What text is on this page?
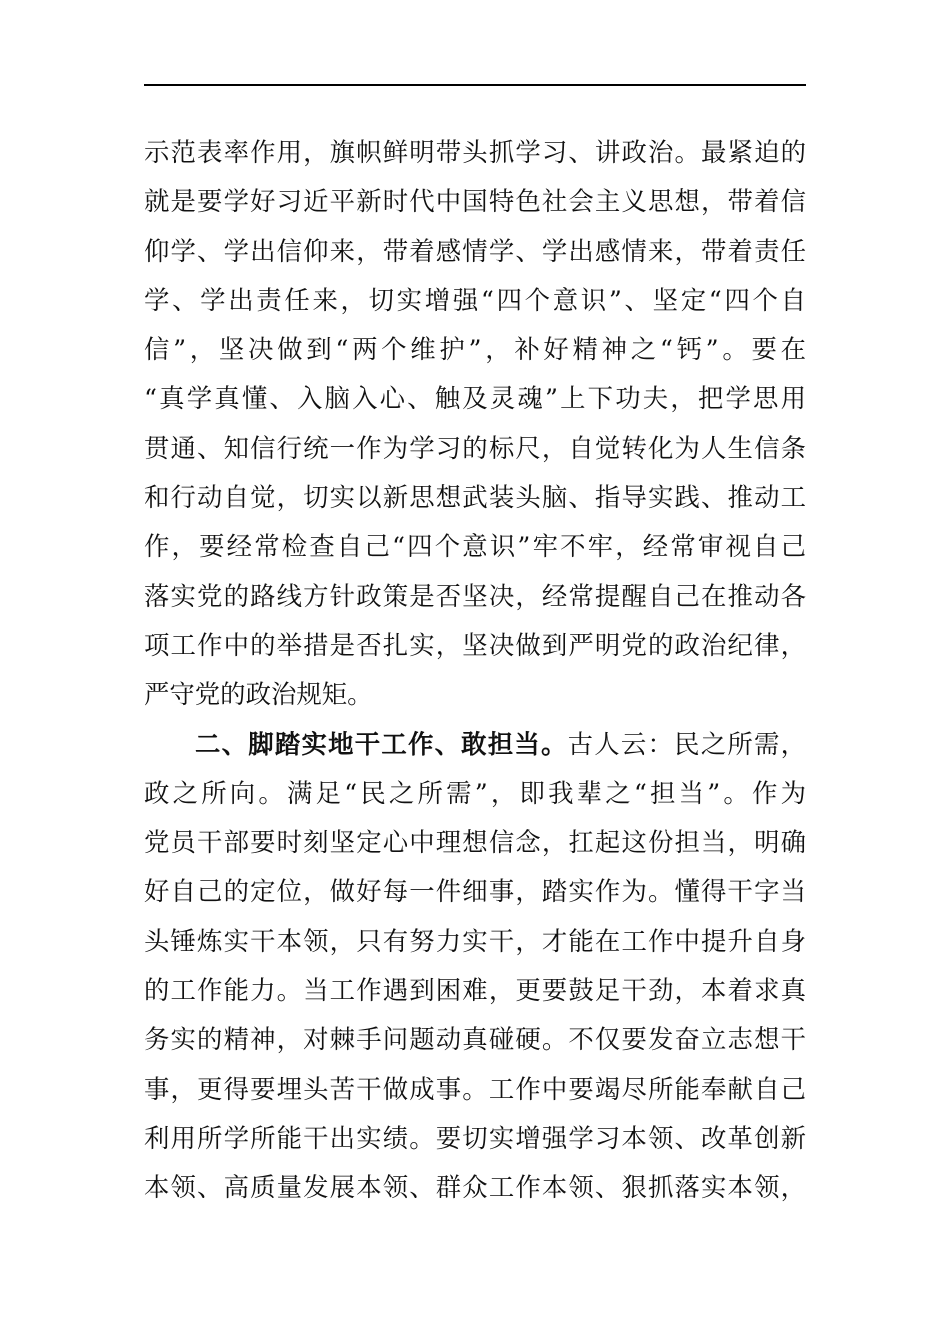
示范表率作用，旗帜鲜明带头抓学习、讲政治。最紧迫的
就是要学好习近平新时代中国特色社会主义思想，带着信
仰学、学出信仰来，带着感情学、学出感情来，带着责任
学、学出责任来，切实增强“四个意识”、坚定“四个自
信”，坚决做到“两个维护”，补好精神之“钙”。要在
“真学真懂、入脑入心、触及灵魂”上下功夫，把学思用
贯通、知信行统一作为学习的标尺，自觉转化为人生信条
和行动自觉，切实以新思想武装头脑、指导实践、推动工
作，要经常检查自己“四个意识”牢不牢，经常审视自己
落实党的路线方针政策是否坚决，经常提醒自己在推动各
项工作中的举措是否扎实，坚决做到严明党的政治纪律，
严守党的政治规矩。
二、脚踏实地干工作、敢担当。古人云：民之所需，
政之所向。满足“民之所需”，即我辈之“担当”。作为
党员干部要时刻坚定心中理想信念，扛起这份担当，明确
好自己的定位，做好每一件细事，踏实作为。懂得干字当
头锤炼实干本领，只有努力实干，才能在工作中提升自身
的工作能力。当工作遇到困难，更要鼓足干劲，本着求真
务实的精神，对棘手问题动真碰硬。不仅要发奋立志想干
事，更得要埋头苦干做成事。工作中要竭尽所能奉献自己
利用所学所能干出实绩。要切实增强学习本领、改革创新
本领、高质量发展本领、群众工作本领、狠抓落实本领，
